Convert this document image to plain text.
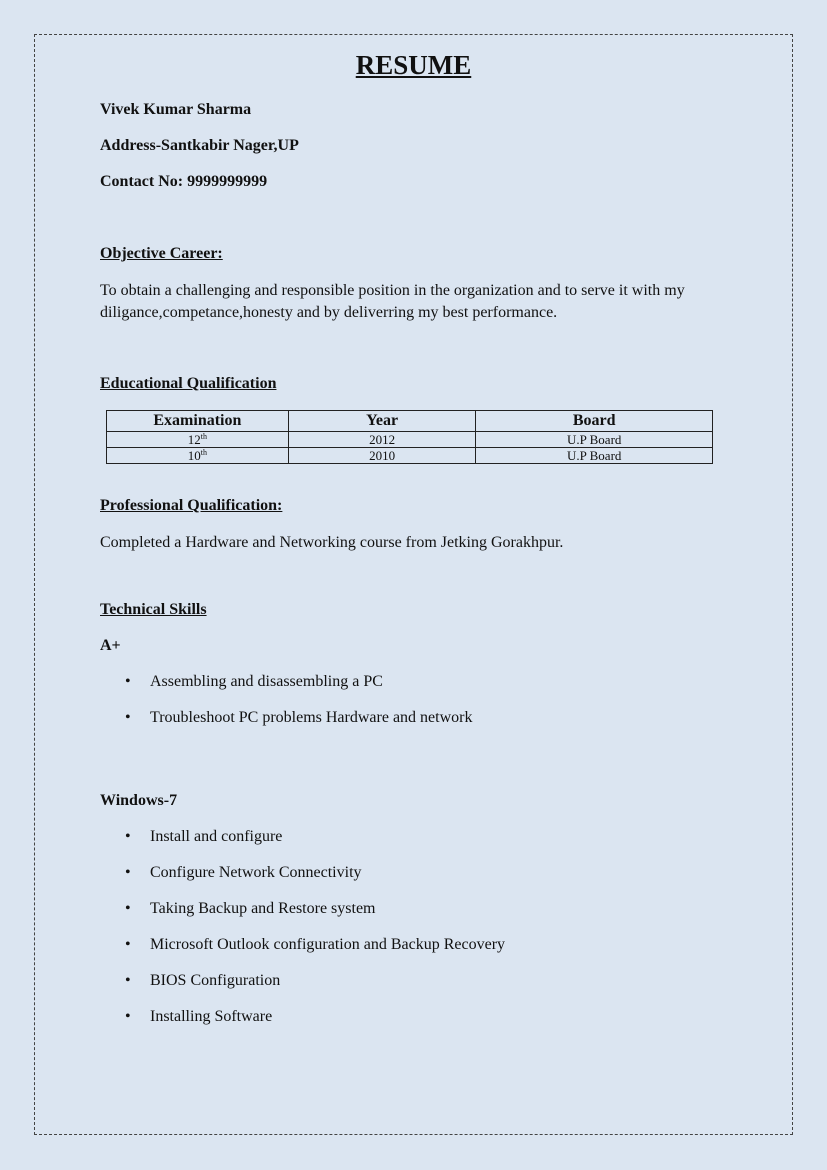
RESUME
Vivek Kumar Sharma
Address-Santkabir Nager,UP
Contact No: 9999999999
Objective Career:
To obtain a challenging and responsible position in the organization and to serve it with my diligance,competance,honesty and by deliverring my best performance.
Educational Qualification
Examination	Year	Board
12th	2012	U.P Board
10th	2010	U.P Board
Professional Qualification:
Completed a Hardware and Networking course from Jetking Gorakhpur.
Technical Skills
A+
• Assembling and disassembling a PC
• Troubleshoot PC problems Hardware and network
Windows-7
• Install and configure
• Configure Network Connectivity
• Taking Backup and Restore system
• Microsoft Outlook configuration and Backup Recovery
• BIOS Configuration
• Installing Software
